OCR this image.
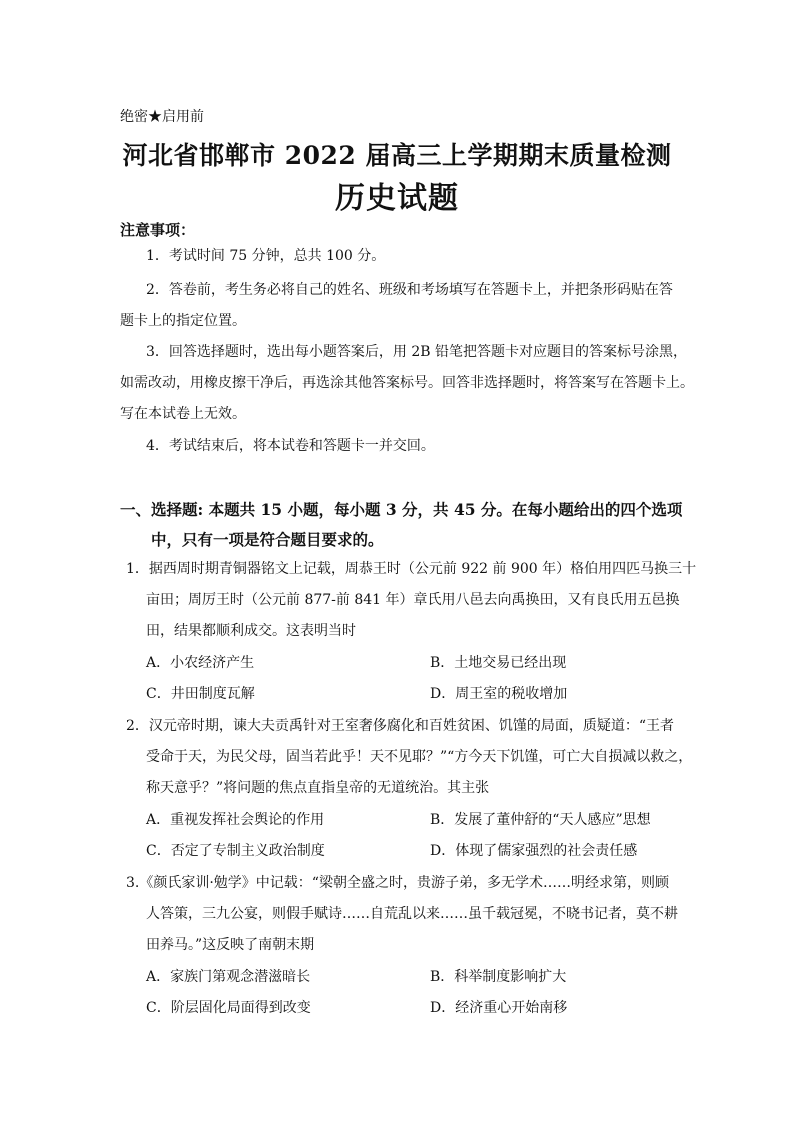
绝密★启用前
河北省邯郸市 2022 届高三上学期期末质量检测
历史试题
注意事项：
1．考试时间 75 分钟，总共 100 分。
2．答卷前，考生务必将自己的姓名、班级和考场填写在答题卡上，并把条形码贴在答
题卡上的指定位置。
3．回答选择题时，选出每小题答案后，用 2B 铅笔把答题卡对应题目的答案标号涂黑，
如需改动，用橡皮擦干净后，再选涂其他答案标号。回答非选择题时，将答案写在答题卡上。
写在本试卷上无效。
4．考试结束后，将本试卷和答题卡一并交回。
一、选择题: 本题共 15 小题，每小题 3 分，共 45 分。在每小题给出的四个选项
中，只有一项是符合题目要求的。
1．据西周时期青铜器铭文上记载，周恭王时（公元前 922 前 900 年）格伯用四匹马换三十
亩田；周厉王时（公元前 877-前 841 年）章氏用八邑去向禹换田，又有良氏用五邑换
田，结果都顺利成交。这表明当时
A．小农经济产生	B．土地交易已经出现
C．井田制度瓦解	D．周王室的税收增加
2．汉元帝时期，谏大夫贡禹针对王室奢侈腐化和百姓贫困、饥馑的局面，质疑道：“王者
受命于天，为民父母，固当若此乎！天不见耶？”“方今天下饥馑，可亡大自损减以救之，
称天意乎？”将问题的焦点直指皇帝的无道统治。其主张
A．重视发挥社会舆论的作用	B．发展了董仲舒的“天人感应”思想
C．否定了专制主义政治制度	D．体现了儒家强烈的社会责任感
3.《颜氏家训·勉学》中记载：“梁朝全盛之时，贵游子弟，多无学术……明经求第，则顾
人答策，三九公宴，则假手赋诗……自荒乱以来……虽千载冠冕，不晓书记者，莫不耕
田养马。”这反映了南朝末期
A．家族门第观念潜滋暗长	B．科举制度影响扩大
C．阶层固化局面得到改变	D．经济重心开始南移
